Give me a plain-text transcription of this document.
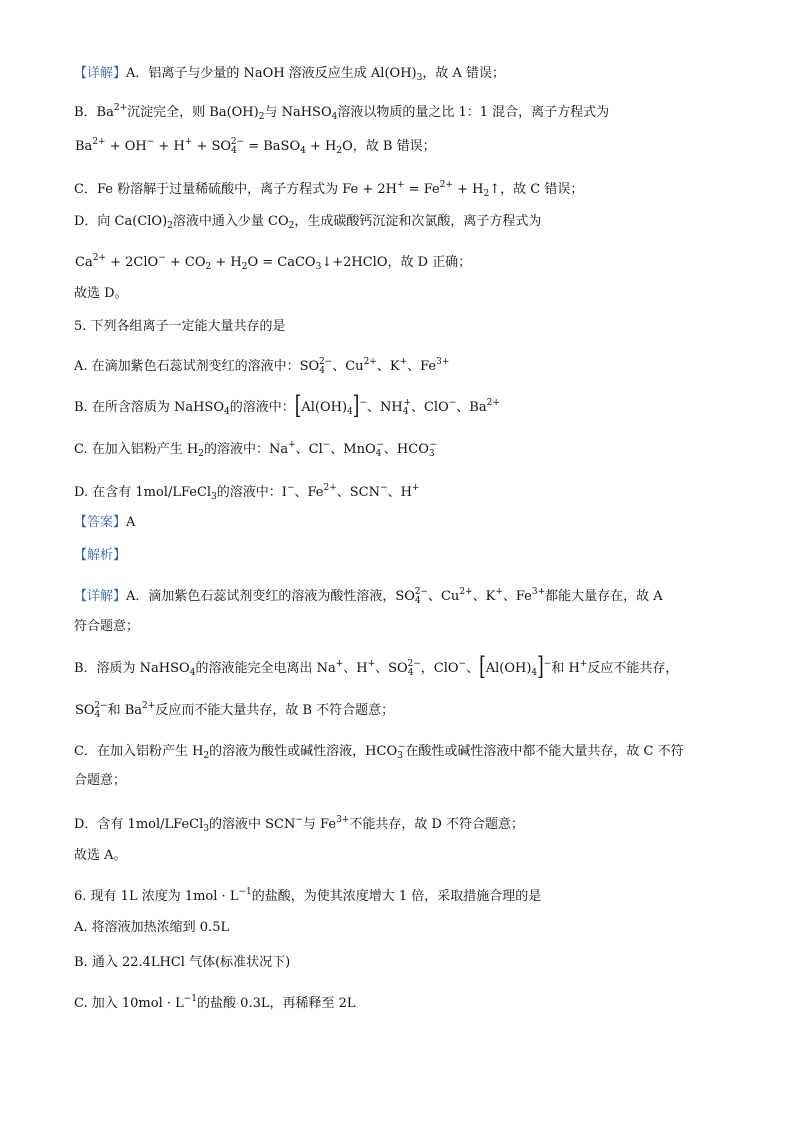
【详解】A．铝离子与少量的 NaOH 溶液反应生成 $Al(OH)_3$，故 A 错误；
B．$Ba^{2+}$沉淀完全，则 $Ba(OH)_2$与 NaHSO$_4$溶液以物质的量之比 1：1 混合，离子方程式为
$Ba^{2+} + OH^- + H^+ + SO_4^{2-}$ = BaSO$_4$ + $H_2O$，故 B 错误；
C．Fe 粉溶解于过量稀硫酸中，离子方程式为 $Fe + 2H^+ = Fe^{2+}$ + $H_2↑$，故 C 错误；
D．向 $Ca(ClO)_2$溶液中通入少量 $CO_2$，生成碳酸钙沉淀和次氯酸，离子方程式为
$Ca^{2+} + 2ClO^- + CO_2 + H_2O$ = CaCO$_3$↓+2HClO，故 D 正确；
故选 D。
5. 下列各组离子一定能大量共存的是
A. 在滴加紫色石蕊试剂变红的溶液中：$SO_4^{2-}$、$Cu^{2+}$、K+、$Fe^{3+}$
B. 在所含溶质为 NaHSO$_4$的溶液中：$[Al(OH)_4]^-$、$NH_4^+$、ClO−、$Ba^{2+}$
C. 在加入铝粉产生 $H_2$的溶液中：Na+、Cl−、MnO$_4$−、$HCO_3^-$
D. 在含有 1mol/LFeCl$_3$的溶液中：I−、$Fe^{2+}$、SCN−、H+
【答案】A
【解析】
【详解】A．滴加紫色石蕊试剂变红的溶液为酸性溶液，$SO_4^{2-}$、$Cu^{2+}$、K+、$Fe^{3+}$都能大量存在，故 A
符合题意；
B．溶质为 NaHSO$_4$的溶液能完全电离出 Na+、H+、$SO_4^{2-}$，ClO−、$[Al(OH)_4]^-$和 H+反应不能共存，
$SO_4^{2-}$和 $Ba^{2+}$反应而不能大量共存，故 B 不符合题意；
C．在加入铝粉产生 $H_2$的溶液为酸性或碱性溶液，$HCO_3^-$在酸性或碱性溶液中都不能大量共存，故 C 不符
合题意；
D．含有 1mol/LFeCl$_3$的溶液中 SCN−与 $Fe^{3+}$不能共存，故 D 不符合题意；
故选 A。
6. 现有 1L 浓度为 $1mol \cdot L^{-1}$的盐酸，为使其浓度增大 1 倍，采取措施合理的是
A. 将溶液加热浓缩到 0.5L
B. 通入 22.4LHCl 气体(标准状况下)
C. 加入 $10mol \cdot L^{-1}$的盐酸 0.3L，再稀释至 2L
